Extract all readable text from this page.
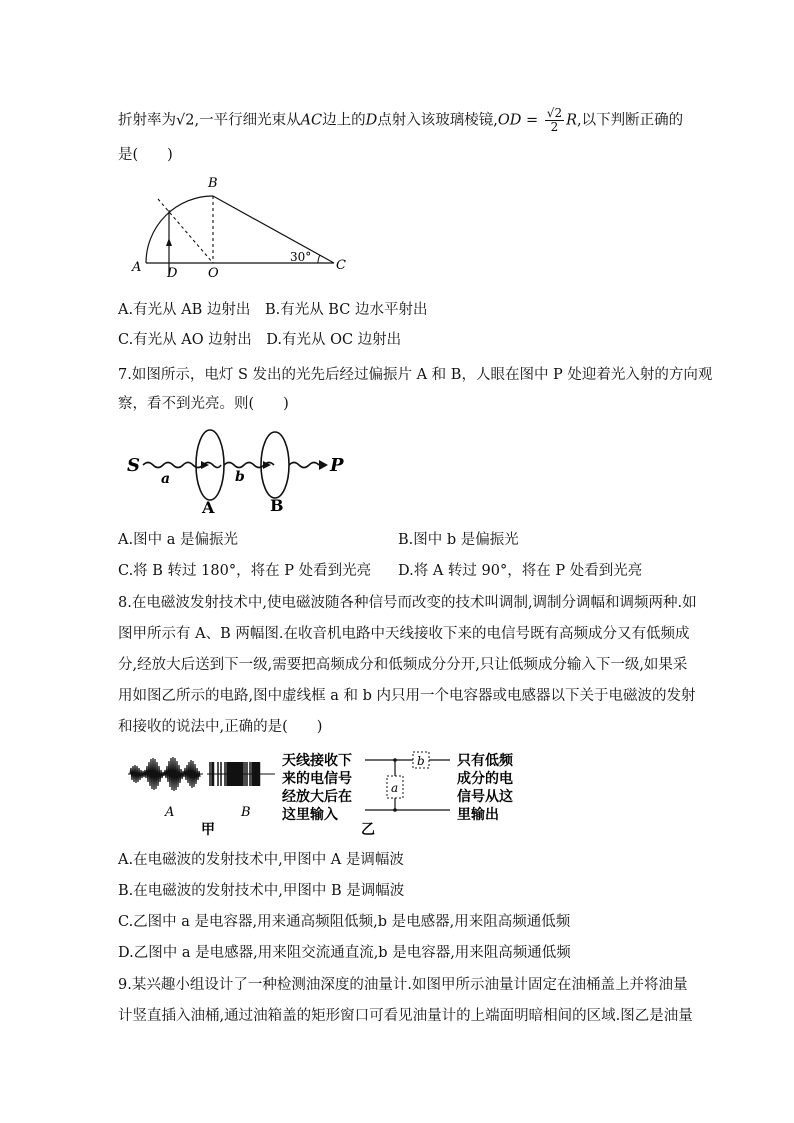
折射率为√2,一平行细光束从AC边上的D点射入该玻璃棱镜$,OD = \frac{√2}{2} R$,以下判断正确的
是(　　)
B
A D O
C
30°
A.有光从 AB 边射出　 B.有光从 BC 边水平射出
C.有光从 AO 边射出　 D.有光从 OC 边射出
7.如图所示，电灯 S 发出的光先后经过偏振片 A 和 B，人眼在图中 P 处迎着光入射的方向观
察，看不到光亮。则(　　)
S
a	b
A	B
P
A.图中 a 是偏振光	B.图中 b 是偏振光
C.将 B 转过 180°，将在 P 处看到光亮 D.将 A 转过 90°，将在 P 处看到光亮
8.在电磁波发射技术中,使电磁波随各种信号而改变的技术叫调制,调制分调幅和调频两种.如
图甲所示有 A、B 两幅图.在收音机电路中天线接收下来的电信号既有高频成分又有低频成
分,经放大后送到下一级,需要把高频成分和低频成分分开,只让低频成分输入下一级,如果采
用如图乙所示的电路,图中虚线框 a 和 b 内只用一个电容器或电感器以下关于电磁波的发射
和接收的说法中,正确的是(　　)
A	B
甲
天线接收下
来的电信号
经放大后在
这里输入
b
a
乙
只有低频
成分的电
信号从这
里输出
A.在电磁波的发射技术中,甲图中 A 是调幅波
B.在电磁波的发射技术中,甲图中 B 是调幅波
C.乙图中 a 是电容器,用来通高频阻低频,b 是电感器,用来阻高频通低频
D.乙图中 a 是电感器,用来阻交流通直流,b 是电容器,用来阻高频通低频
9.某兴趣小组设计了一种检测油深度的油量计.如图甲所示油量计固定在油桶盖上并将油量
计竖直插入油桶,通过油箱盖的矩形窗口可看见油量计的上端面明暗相间的区域.图乙是油量
